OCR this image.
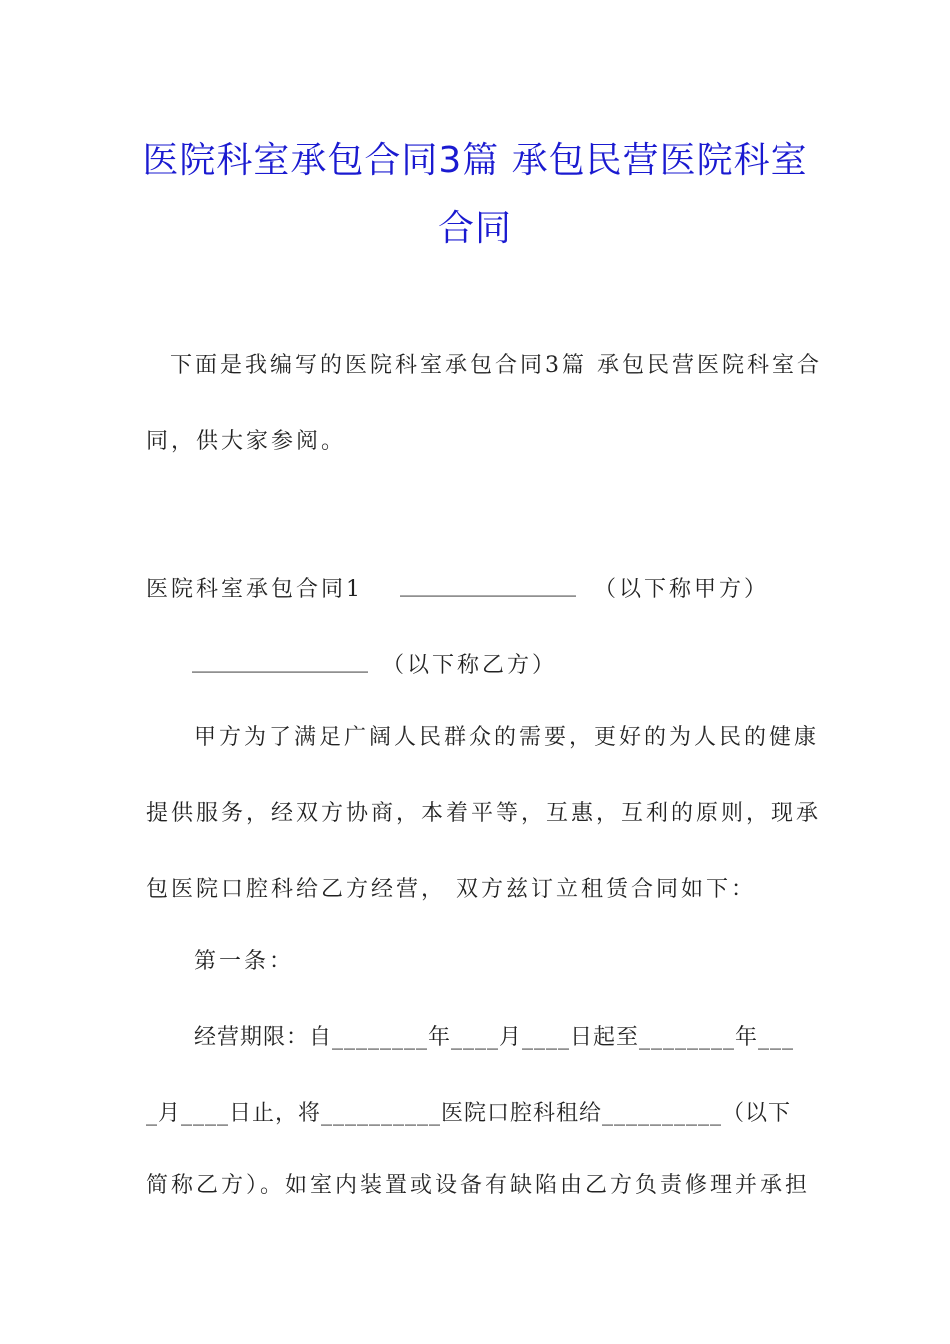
医院科室承包合同3篇 承包民营医院科室
合同
下面是我编写的医院科室承包合同3篇 承包民营医院科室合
同，供大家参阅。
医院科室承包合同1 ________________ （以下称甲方）
________________ （以下称乙方）
甲方为了满足广阔人民群众的需要，更好的为人民的健康
提供服务，经双方协商，本着平等，互惠，互利的原则，现承
包医院口腔科给乙方经营， 双方兹订立租赁合同如下：
第一条：
经营期限：自________年____月____日起至________年___
_月____日止，将__________医院口腔科租给__________（以下
简称乙方）。如室内装置或设备有缺陷由乙方负责修理并承担
